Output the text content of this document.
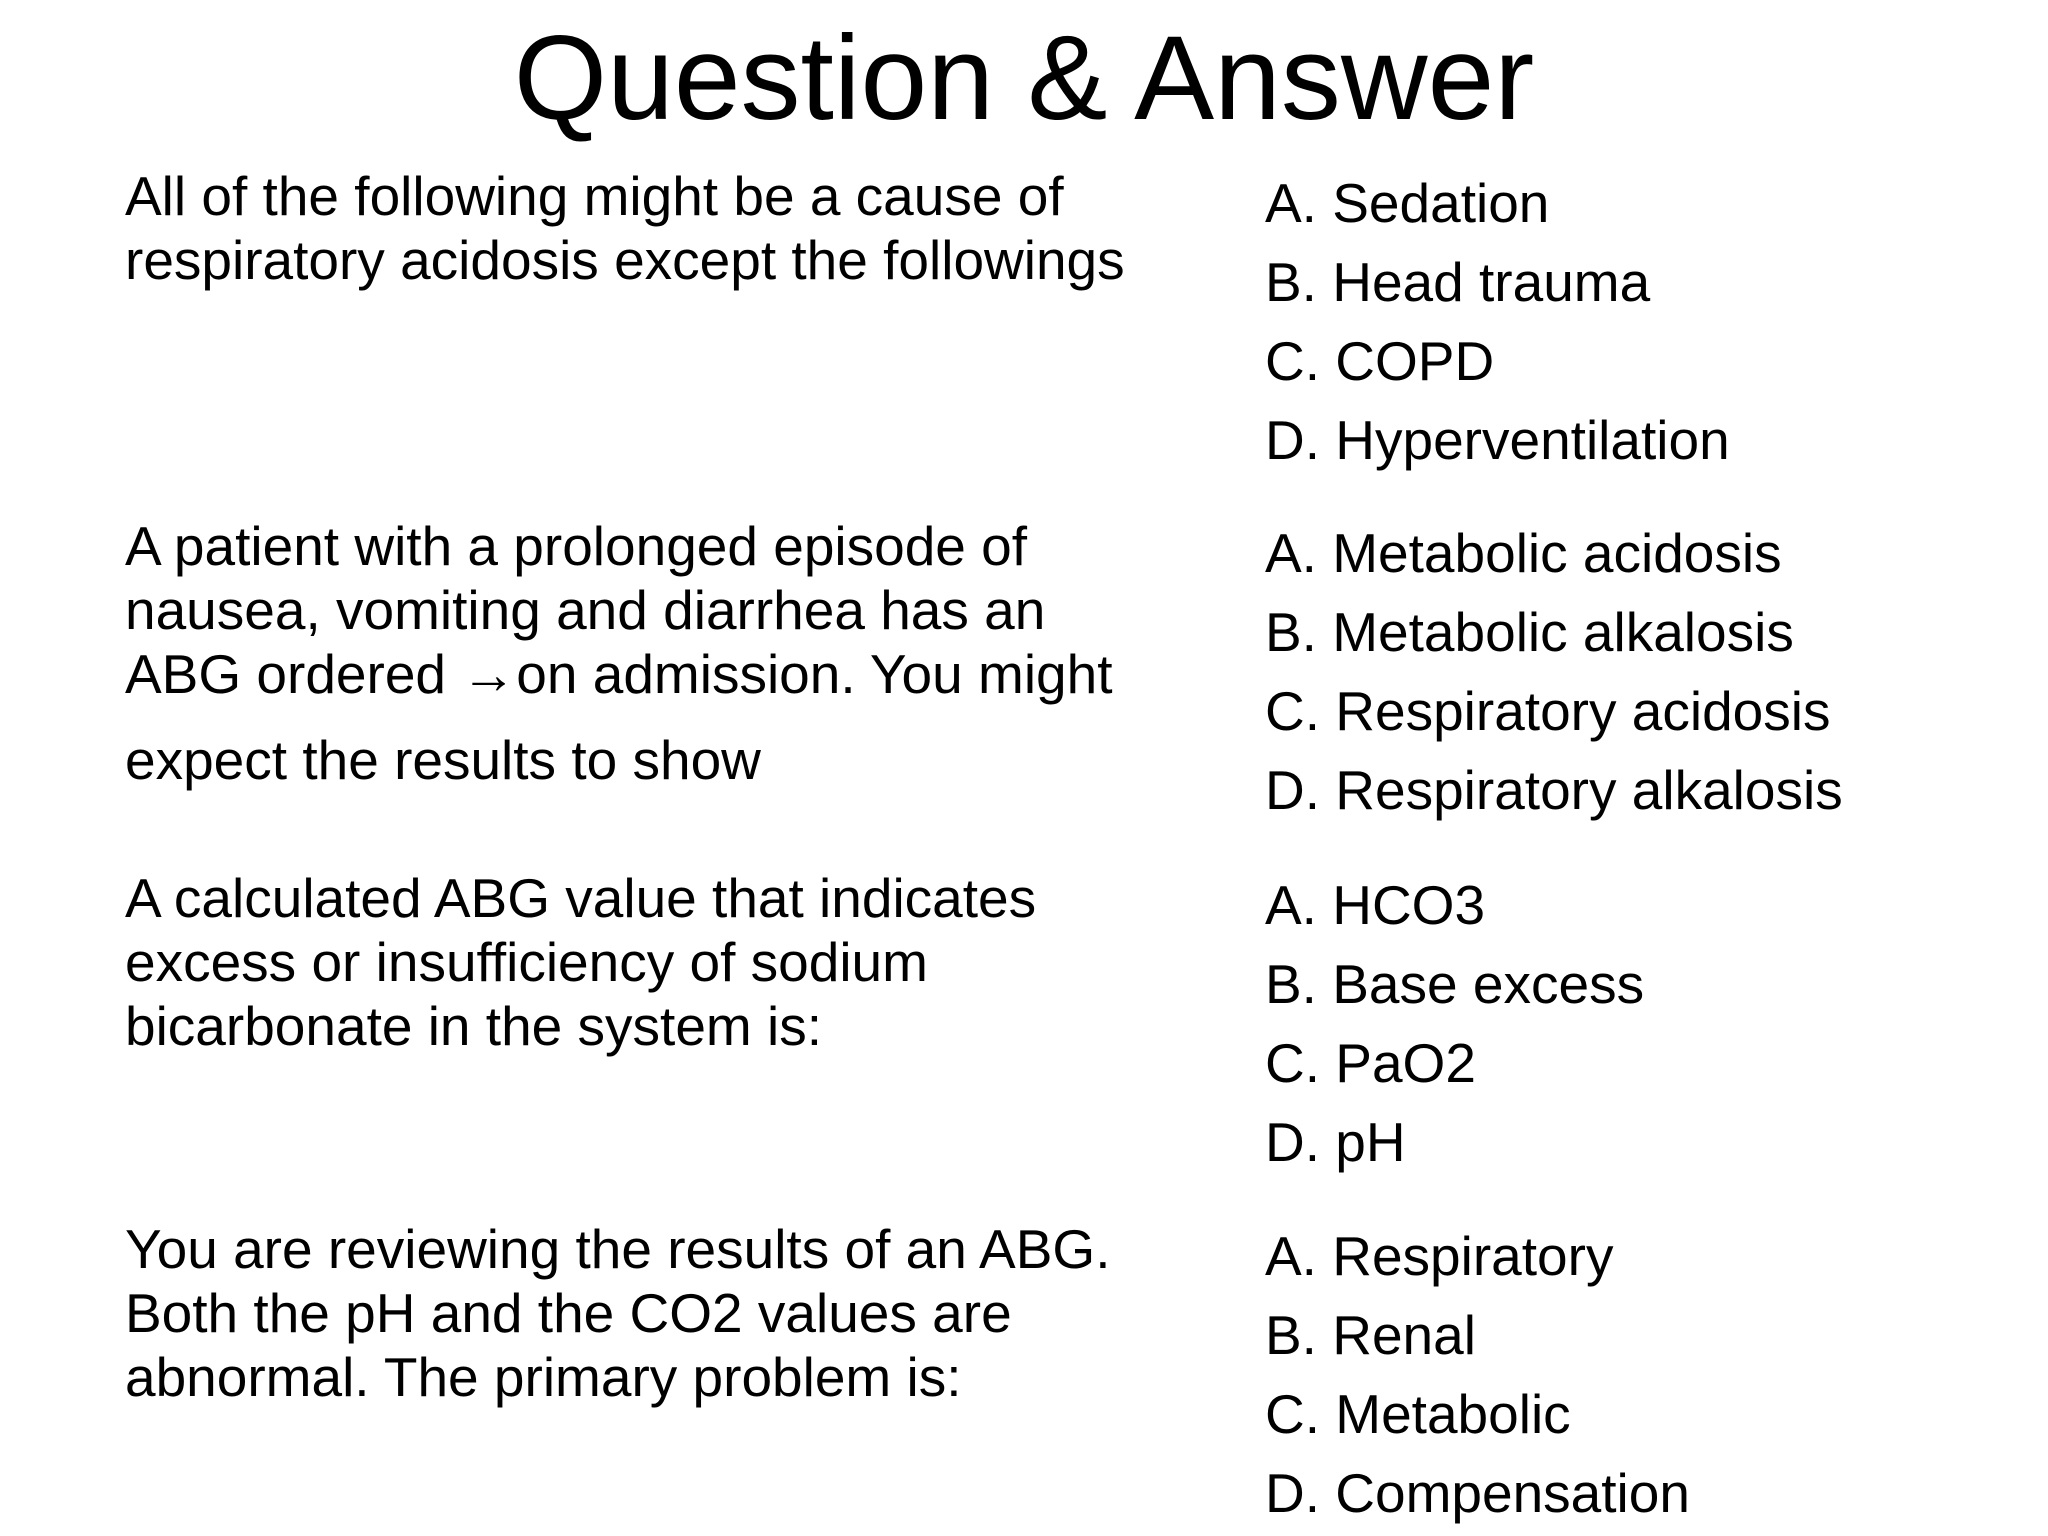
Question & Answer

All of the following might be a cause of
respiratory acidosis except the followings

A. Sedation
B. Head trauma
C. COPD
D. Hyperventilation

A patient with a prolonged episode of
nausea, vomiting and diarrhea has an
ABG ordered →on admission. You might
expect the results to show

A. Metabolic acidosis
B. Metabolic alkalosis
C. Respiratory acidosis
D. Respiratory alkalosis

A calculated ABG value that indicates
excess or insufficiency of sodium
bicarbonate in the system is:

A. HCO3
B. Base excess
C. PaO2
D. pH

You are reviewing the results of an ABG.
Both the pH and the CO2 values are
abnormal. The primary problem is:

A. Respiratory
B. Renal
C. Metabolic
D. Compensation
